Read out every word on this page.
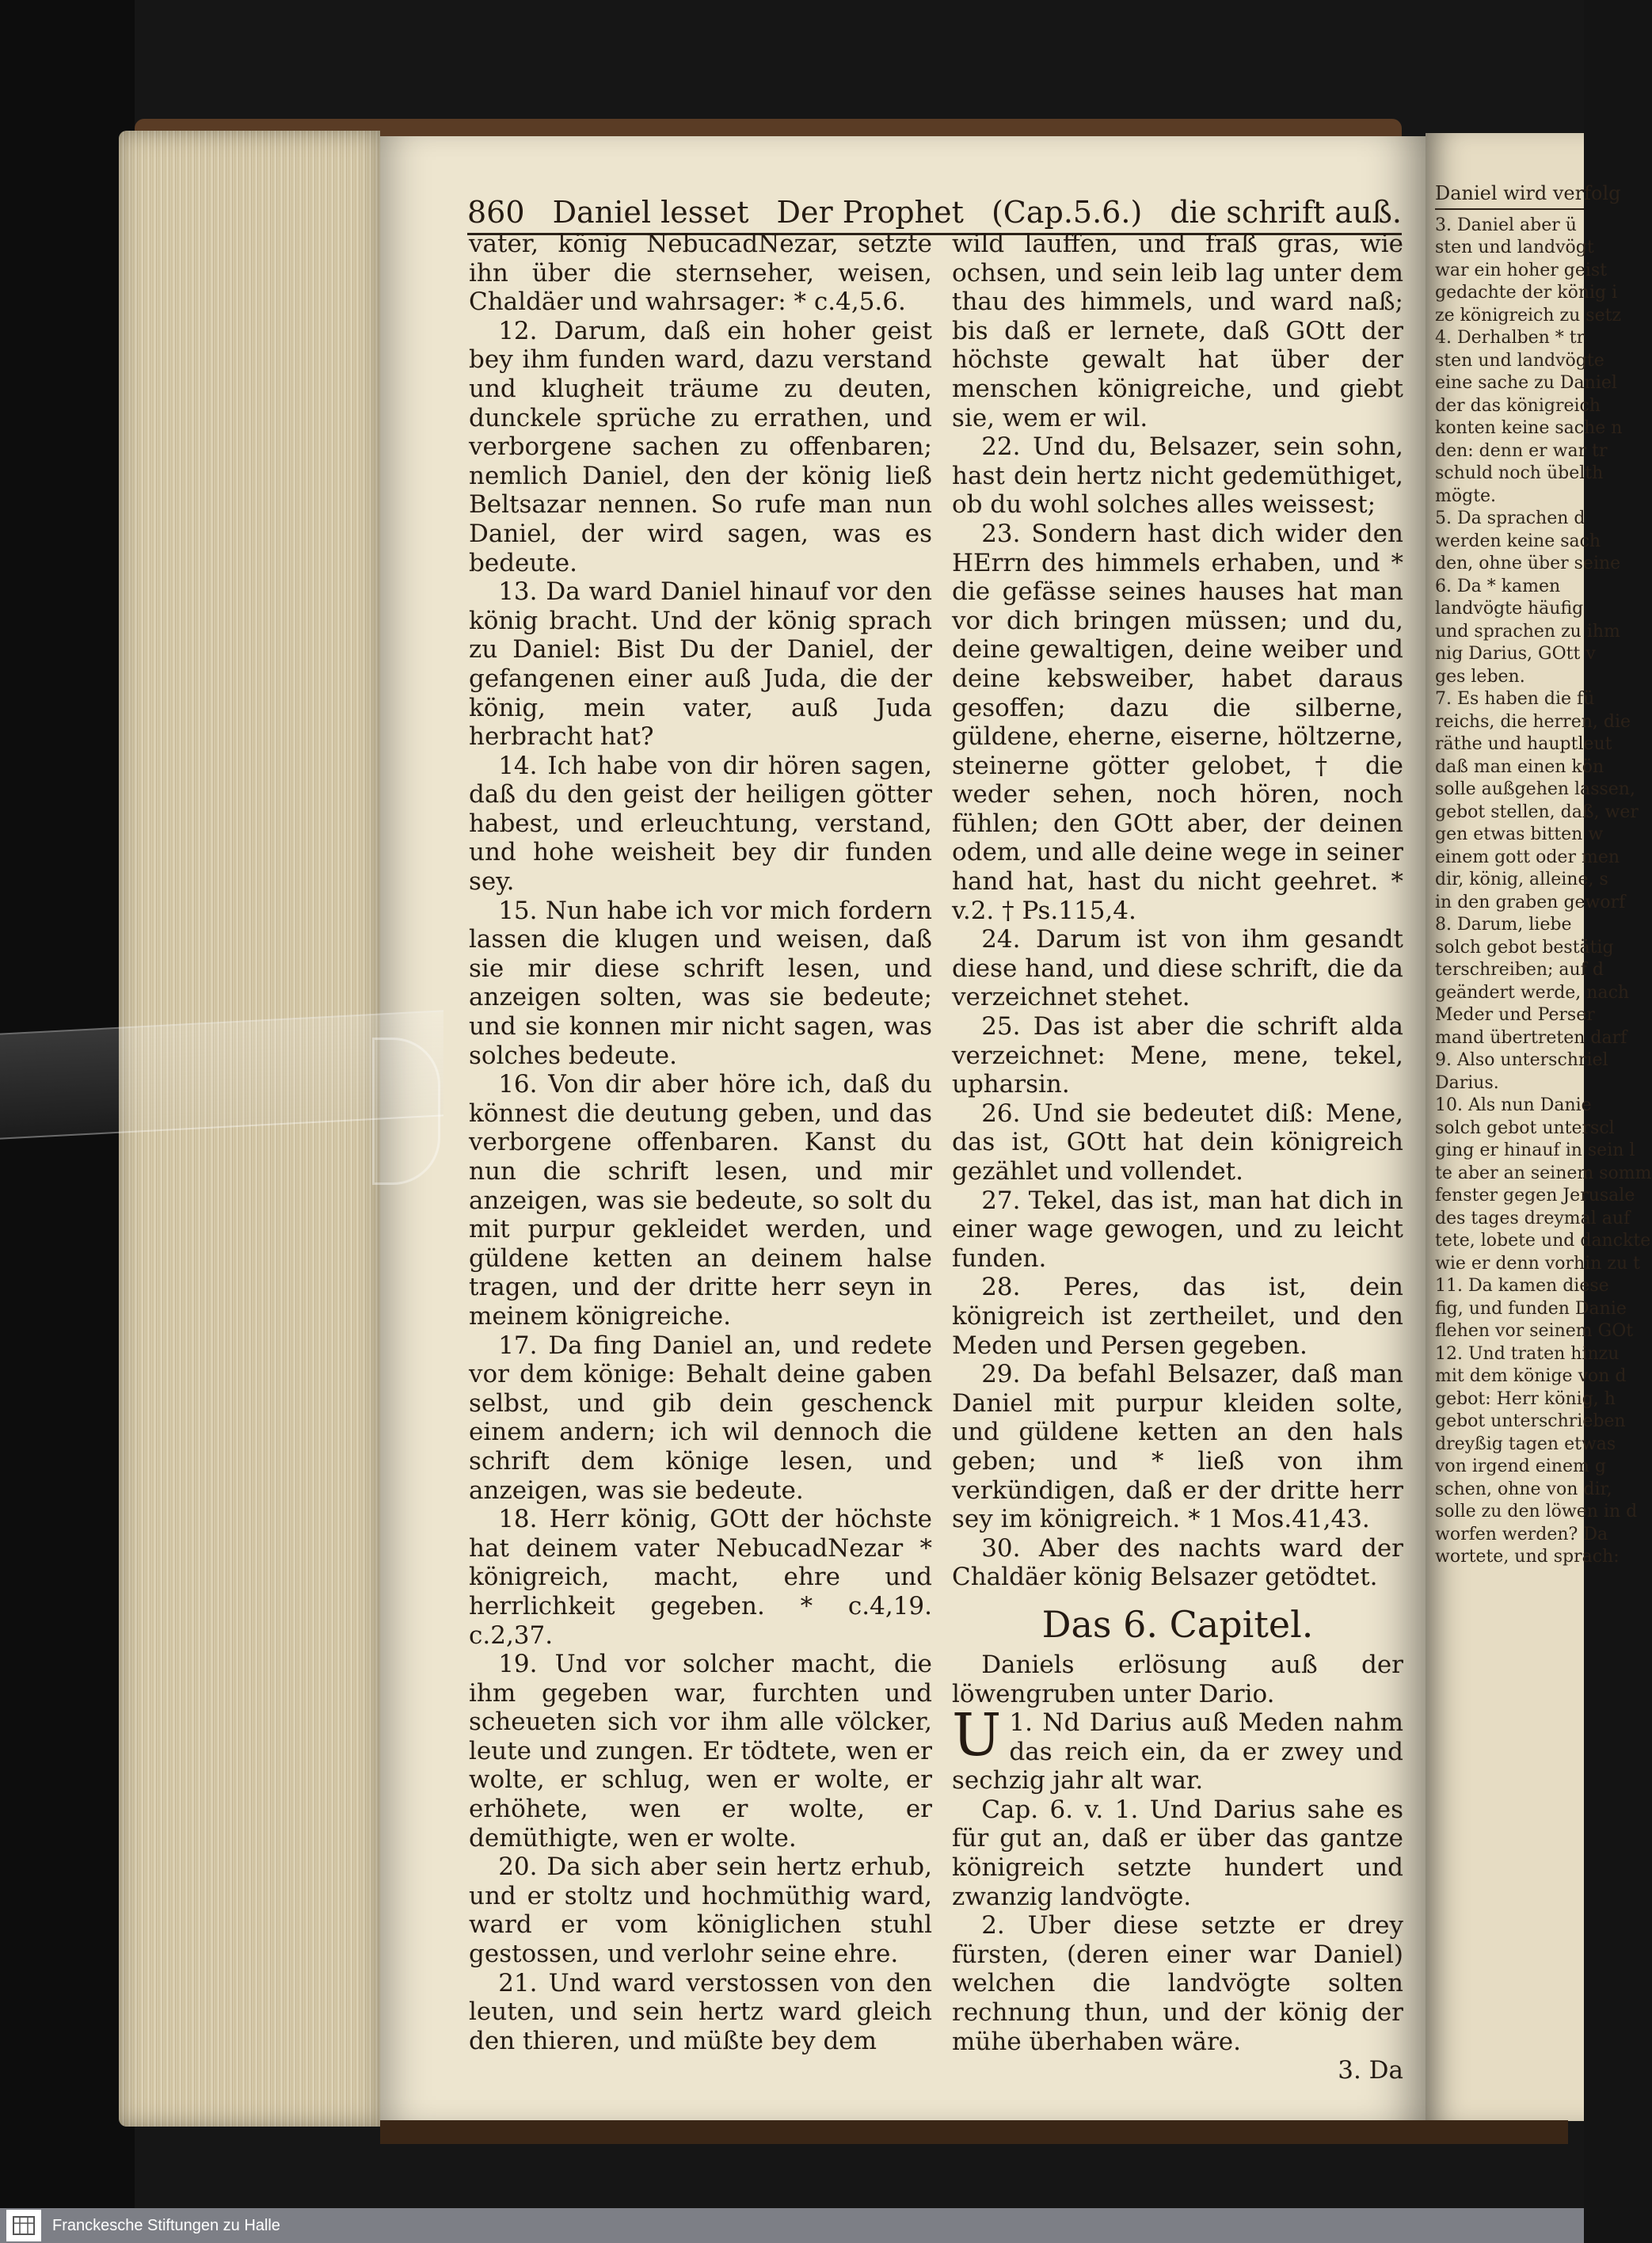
860 Daniel lesset Der Prophet (Cap.5.6.) die schrift auß.

vater, könig NebucadNezar, setzte ihn über die sternseher, weisen, Chaldäer und wahrsager: * c.4,5.6.

12. Darum, daß ein hoher geist bey ihm funden ward, dazu verstand und klugheit träume zu deuten, dunckele sprüche zu errathen, und verborgene sachen zu offenbaren; nemlich Daniel, den der könig ließ Beltsazar nennen. So rufe man nun Daniel, der wird sagen, was es bedeute.

13. Da ward Daniel hinauf vor den könig bracht. Und der könig sprach zu Daniel: Bist Du der Daniel, der gefangenen einer auß Juda, die der könig, mein vater, auß Juda herbracht hat?

14. Ich habe von dir hören sagen, daß du den geist der heiligen götter habest, und erleuchtung, verstand, und hohe weisheit bey dir funden sey.

15. Nun habe ich vor mich fordern lassen die klugen und weisen, daß sie mir diese schrift lesen, und anzeigen solten, was sie bedeute; und sie konnen mir nicht sagen, was solches bedeute.

16. Von dir aber höre ich, daß du könnest die deutung geben, und das verborgene offenbaren. Kanst du nun die schrift lesen, und mir anzeigen, was sie bedeute, so solt du mit purpur gekleidet werden, und güldene ketten an deinem halse tragen, und der dritte herr seyn in meinem königreiche.

17. Da fing Daniel an, und redete vor dem könige: Behalt deine gaben selbst, und gib dein geschenck einem andern; ich wil dennoch die schrift dem könige lesen, und anzeigen, was sie bedeute.

18. Herr könig, GOtt der höchste hat deinem vater NebucadNezar * königreich, macht, ehre und herrlichkeit gegeben. * c.4,19. c.2,37.

19. Und vor solcher macht, die ihm gegeben war, furchten und scheueten sich vor ihm alle völcker, leute und zungen. Er tödtete, wen er wolte, er schlug, wen er wolte, er erhöhete, wen er wolte, er demüthigte, wen er wolte.

20. Da sich aber sein hertz erhub, und er stoltz und hochmüthig ward, ward er vom königlichen stuhl gestossen, und verlohr seine ehre.

21. Und ward verstossen von den leuten, und sein hertz ward gleich den thieren, und müßte bey dem

wild lauffen, und fraß gras, wie ochsen, und sein leib lag unter dem thau des himmels, und ward naß; bis daß er lernete, daß GOtt der höchste gewalt hat über der menschen königreiche, und giebt sie, wem er wil.

22. Und du, Belsazer, sein sohn, hast dein hertz nicht gedemüthiget, ob du wohl solches alles weissest;

23. Sondern hast dich wider den HErrn des himmels erhaben, und * die gefässe seines hauses hat man vor dich bringen müssen; und du, deine gewaltigen, deine weiber und deine kebsweiber, habet daraus gesoffen; dazu die silberne, güldene, eherne, eiserne, höltzerne, steinerne götter gelobet, † die weder sehen, noch hören, noch fühlen; den GOtt aber, der deinen odem, und alle deine wege in seiner hand hat, hast du nicht geehret. * v.2. † Ps.115,4.

24. Darum ist von ihm gesandt diese hand, und diese schrift, die da verzeichnet stehet.

25. Das ist aber die schrift alda verzeichnet: Mene, mene, tekel, upharsin.

26. Und sie bedeutet diß: Mene, das ist, GOtt hat dein königreich gezählet und vollendet.

27. Tekel, das ist, man hat dich in einer wage gewogen, und zu leicht funden.

28. Peres, das ist, dein königreich ist zertheilet, und den Meden und Persen gegeben.

29. Da befahl Belsazer, daß man Daniel mit purpur kleiden solte, und güldene ketten an den hals geben; und * ließ von ihm verkündigen, daß er der dritte herr sey im königreich. * 1 Mos.41,43.

30. Aber des nachts ward der Chaldäer könig Belsazer getödtet.

Das 6. Capitel.

Daniels erlösung auß der löwengruben unter Dario.

1.
U Nd Darius auß Meden nahm das reich ein, da er zwey und sechzig jahr alt war.

Cap. 6. v. 1. Und Darius sahe es für gut an, daß er über das gantze königreich setzte hundert und zwanzig landvögte.

2. Uber diese setzte er drey fürsten, (deren einer war Daniel) welchen die landvögte solten rechnung thun, und der könig der mühe überhaben wäre.

3. Da

Daniel wird verfolg
3. Daniel aber ü
sten und landvögt
war ein hoher geist
gedachte der könig i
ze königreich zu setz
4. Derhalben * tr
sten und landvögte
eine sache zu Daniel
der das königreich
konten keine sache n
den: denn er war tr
schuld noch übelth
mögte.
5. Da sprachen d
werden keine sach
den, ohne über seine
6. Da * kamen
landvögte häufig
und sprachen zu ihm
nig Darius, GOtt v
ges leben.
7. Es haben die fü
reichs, die herren, die
räthe und hauptleut
daß man einen kön
solle außgehen lassen,
gebot stellen, daß, wer
gen etwas bitten w
einem gott oder men
dir, könig, alleine, s
in den graben geworf
8. Darum, liebe
solch gebot bestätig
terschreiben; auf d
geändert werde, nach
Meder und Perser
mand übertreten darf
9. Also unterschriel
Darius.
10. Als nun Danie
solch gebot unterscl
ging er hinauf in sein l
te aber an seinem somm
fenster gegen Jerusale
des tages dreymal auf
tete, lobete und danckte
wie er denn vorhin zu t
11. Da kamen diese
fig, und funden Danie
flehen vor seinem GOt
12. Und traten hinzu
mit dem könige von d
gebot: Herr könig, h
gebot unterschrieben
dreyßig tagen etwas
von irgend einem g
schen, ohne von dir,
solle zu den löwen in d
worfen werden? Da
wortete, und sprach:
Franckesche Stiftungen zu Halle
